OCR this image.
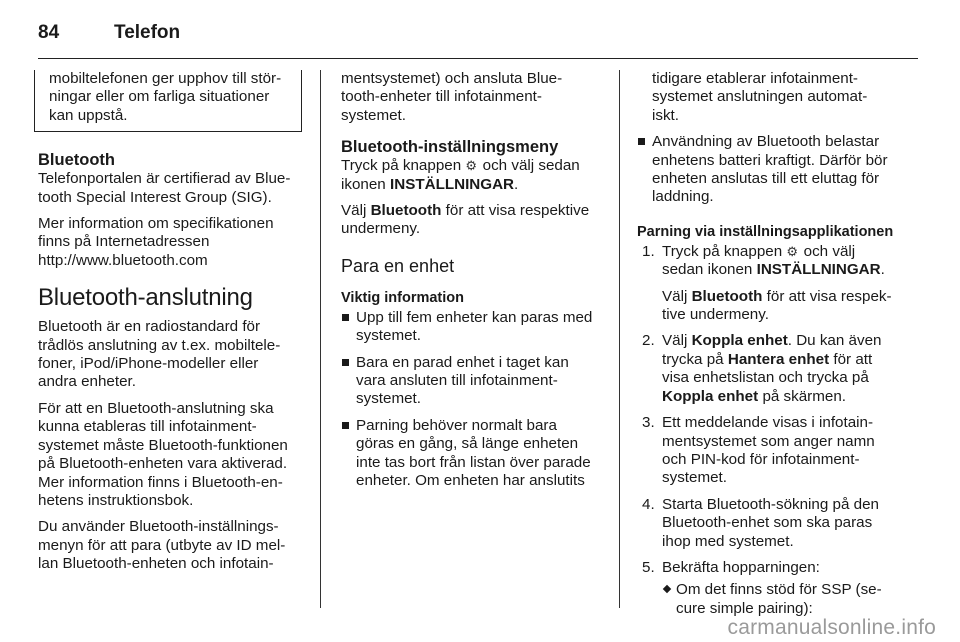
84	Telefon
mobiltelefonen ger upphov till stör-
ningar eller om farliga situationer
kan uppstå.
Bluetooth

Telefonportalen är certifierad av Blue-
tooth Special Interest Group (SIG).

Mer information om specifikationen
finns på Internetadressen
http://www.bluetooth.com

Bluetooth-anslutning

Bluetooth är en radiostandard för
trådlös anslutning av t.ex. mobiltele-
foner, iPod/iPhone-modeller eller
andra enheter.

För att en Bluetooth-anslutning ska
kunna etableras till infotainment-
systemet måste Bluetooth-funktionen
på Bluetooth-enheten vara aktiverad.
Mer information finns i Bluetooth-en-
hetens instruktionsbok.

Du använder Bluetooth-inställnings-
menyn för att para (utbyte av ID mel-
lan Bluetooth-enheten och infotain-

mentsystemet) och ansluta Blue-
tooth-enheter till infotainment-
systemet.

Bluetooth-inställningsmeny

Tryck på knappen ⚙ och välj sedan
ikonen INSTÄLLNINGAR.

Välj Bluetooth för att visa respektive
undermeny.

Para en enhet
Viktig information
Upp till fem enheter kan paras med
systemet.
Bara en parad enhet i taget kan
vara ansluten till infotainment-
systemet.
Parning behöver normalt bara
göras en gång, så länge enheten
inte tas bort från listan över parade
enheter. Om enheten har anslutits

tidigare etablerar infotainment-
systemet anslutningen automat-
iskt.

Användning av Bluetooth belastar
enhetens batteri kraftigt. Därför bör
enheten anslutas till ett eluttag för
laddning.
Parning via inställningsapplikationen
1. Tryck på knappen ⚙ och välj
sedan ikonen INSTÄLLNINGAR.
Välj Bluetooth för att visa respek-
tive undermeny.
2. Välj Koppla enhet. Du kan även
trycka på Hantera enhet för att
visa enhetslistan och trycka på
Koppla enhet på skärmen.
3. Ett meddelande visas i infotain-
mentsystemet som anger namn
och PIN-kod för infotainment-
systemet.
4. Starta Bluetooth-sökning på den
Bluetooth-enhet som ska paras
ihop med systemet.
5. Bekräfta hopparningen:
Om det finns stöd för SSP (se-
cure simple pairing):
carmanualsonline.info
